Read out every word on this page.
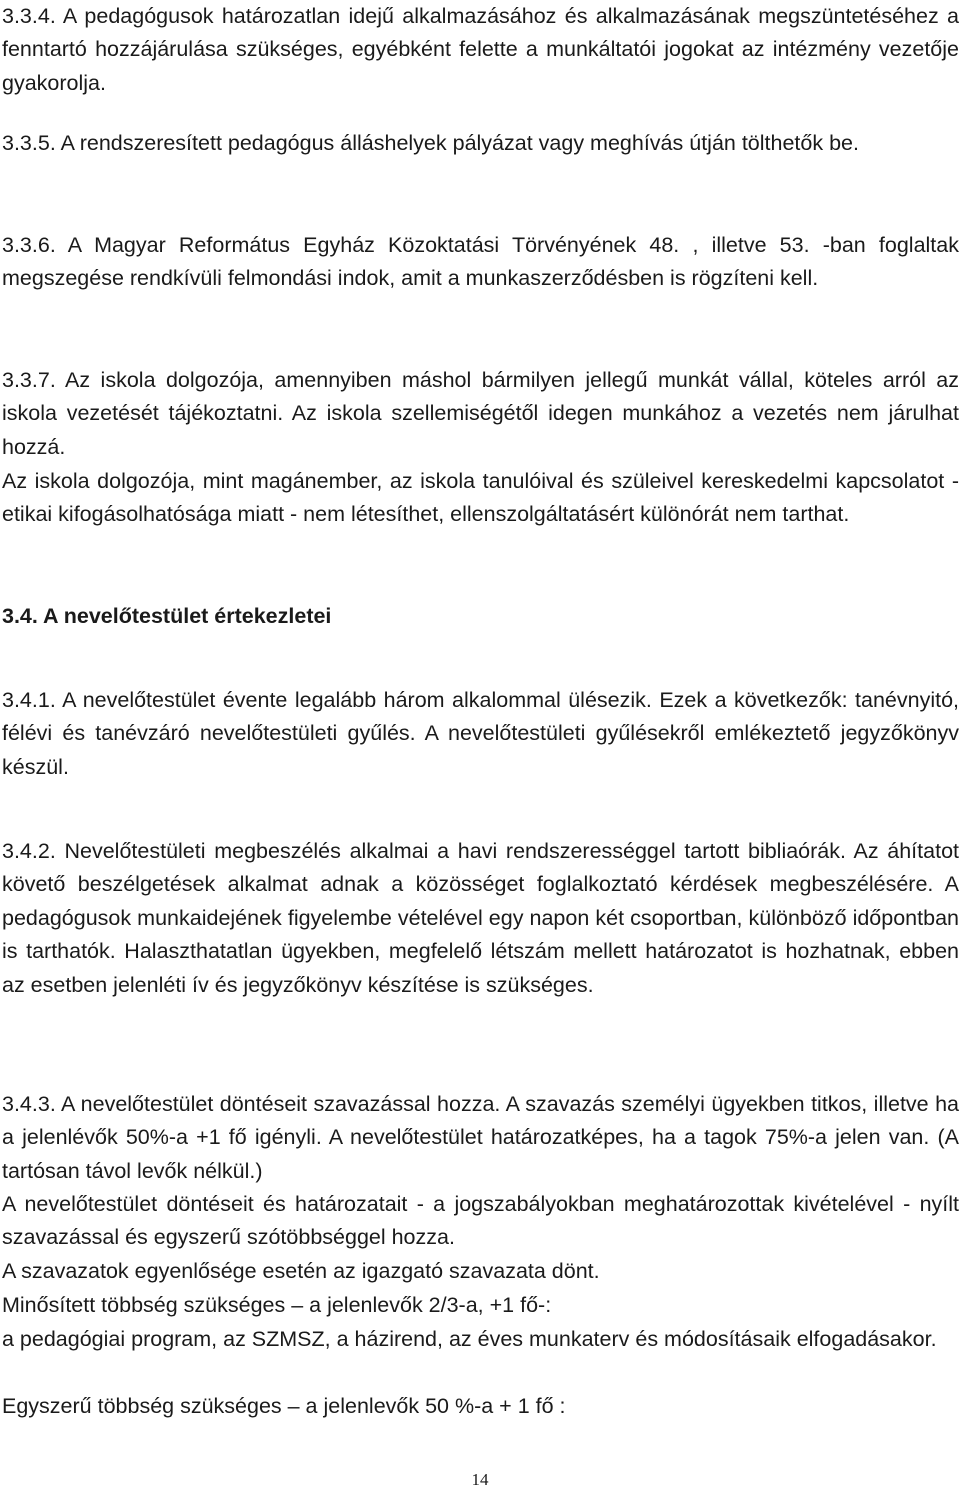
3.3.4. A pedagógusok határozatlan idejű alkalmazásához és alkalmazásának megszüntetéséhez a fenntartó hozzájárulása szükséges, egyébként felette a munkáltatói jogokat az intézmény vezetője gyakorolja.

3.3.5. A rendszeresített pedagógus álláshelyek pályázat vagy meghívás útján tölthetők be.

3.3.6. A Magyar Református Egyház Közoktatási Törvényének 48. , illetve 53. -ban foglaltak megszegése rendkívüli felmondási indok, amit a munkaszerződésben is rögzíteni kell.

3.3.7. Az iskola dolgozója, amennyiben máshol bármilyen jellegű munkát vállal, köteles arról az iskola vezetését tájékoztatni. Az iskola szellemiségétől idegen munkához a vezetés nem járulhat hozzá.

Az iskola dolgozója, mint magánember, az iskola tanulóival és szüleivel kereskedelmi kapcsolatot - etikai kifogásolhatósága miatt - nem létesíthet, ellenszolgáltatásért különórát nem tarthat.

3.4. A nevelőtestület értekezletei

3.4.1. A nevelőtestület évente legalább három alkalommal ülésezik. Ezek a következők: tanévnyitó, félévi és tanévzáró nevelőtestületi gyűlés. A nevelőtestületi gyűlésekről emlékeztető jegyzőkönyv készül.

3.4.2. Nevelőtestületi megbeszélés alkalmai a havi rendszerességgel tartott bibliaórák. Az áhítatot követő beszélgetések alkalmat adnak a közösséget foglalkoztató kérdések megbeszélésére. A pedagógusok munkaidejének figyelembe vételével egy napon két csoportban, különböző időpontban is tarthatók. Halaszthatatlan ügyekben, megfelelő létszám mellett határozatot is hozhatnak, ebben az esetben jelenléti ív és jegyzőkönyv készítése is szükséges.

3.4.3. A nevelőtestület döntéseit szavazással hozza. A szavazás személyi ügyekben titkos, illetve ha a jelenlévők 50%-a +1 fő igényli. A nevelőtestület határozatképes, ha a tagok 75%-a jelen van. (A tartósan távol levők nélkül.)

A nevelőtestület döntéseit és határozatait - a jogszabályokban meghatározottak kivételével - nyílt szavazással és egyszerű szótöbbséggel hozza.

A szavazatok egyenlősége esetén az igazgató szavazata dönt.

Minősített többség szükséges – a jelenlevők 2/3-a, +1 fő-:

a pedagógiai program, az SZMSZ, a házirend, az éves munkaterv és módosításaik elfogadásakor.

Egyszerű többség szükséges – a jelenlevők 50 %-a + 1 fő :

14
